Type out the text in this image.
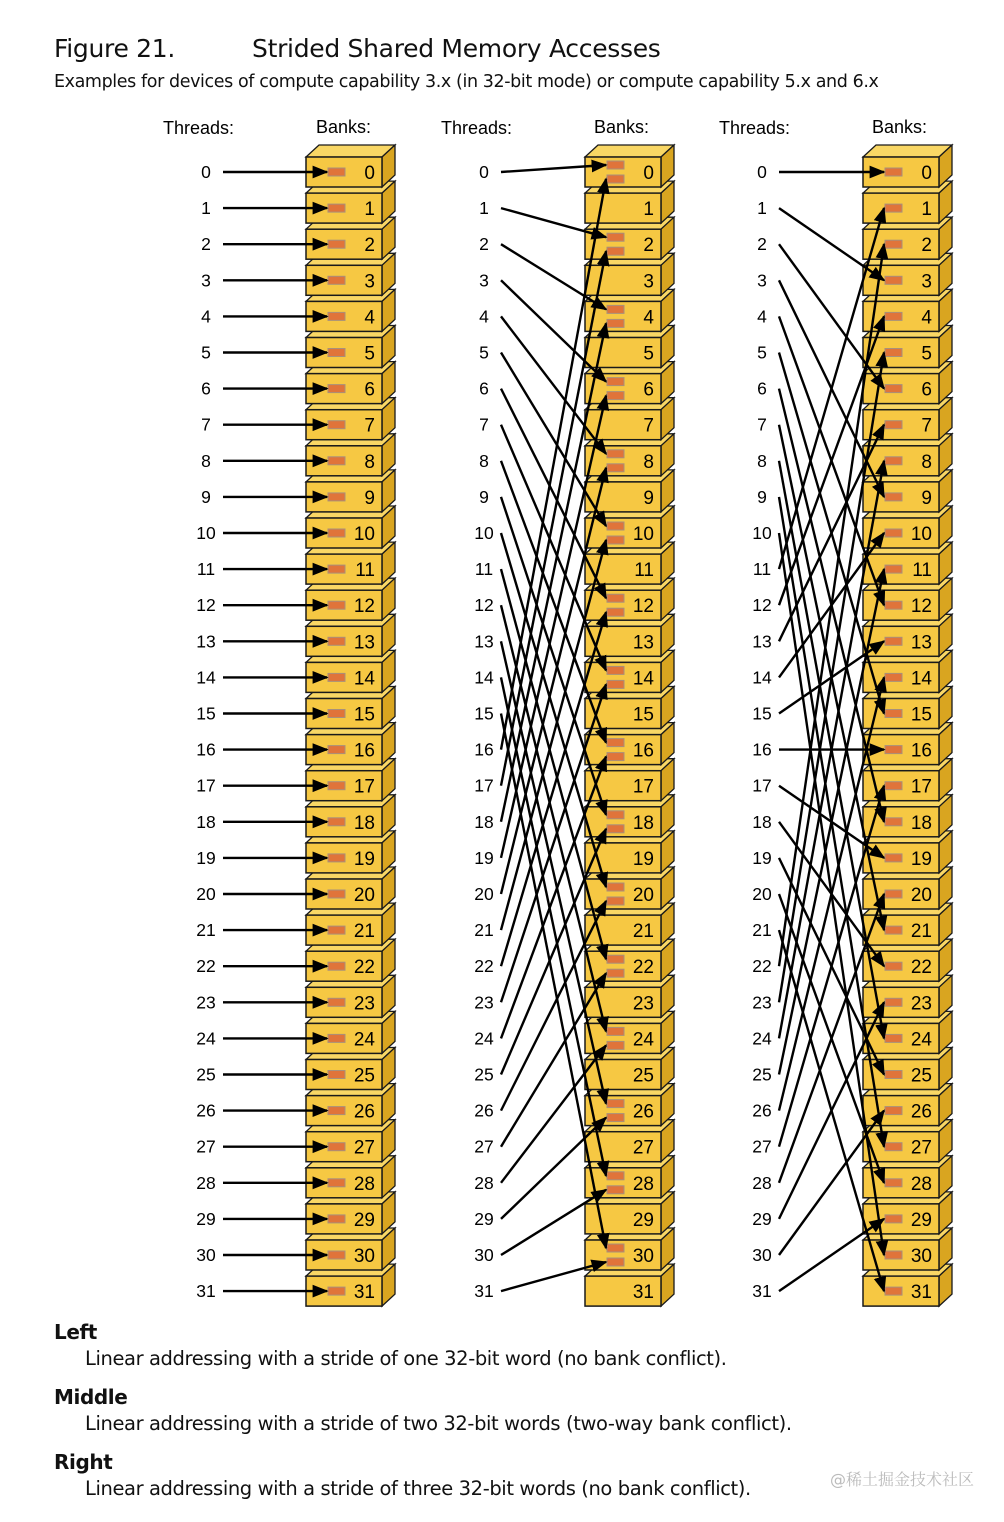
Figure 21.	Strided Shared Memory Accesses
Examples for devices of compute capability 3.x (in 32-bit mode) or compute capability 5.x and 6.x
Threads:	Banks:
31
30
29
28
27
26
25
24
23
22
21
20
19
18
17
16
15
14
13
12
11
10
9
8
7
6
5
4
3
2
1
0
0
1
2
3
4
5
6
7
8
9
10
11
12
13
14
15
16
17
18
19
20
21
22
23
24
25
26
27
28
29
30
31
Threads:	Banks:
31
30
29
28
27
26
25
24
23
22
21
20
19
18
17
16
15
14
13
12
11
10
9
8
7
6
5
4
3
2
1
0
0
1
2
3
4
5
6
7
8
9
10
11
12
13
14
15
16
17
18
19
20
21
22
23
24
25
26
27
28
29
30
31
Threads:	Banks:
31
30
29
28
27
26
25
24
23
22
21
20
19
18
17
16
15
14
13
12
11
10
9
8
7
6
5
4
3
2
1
0
0
1
2
3
4
5
6
7
8
9
10
11
12
13
14
15
16
17
18
19
20
21
22
23
24
25
26
27
28
29
30
31
Left
Linear addressing with a stride of one 32-bit word (no bank conflict).
Middle
Linear addressing with a stride of two 32-bit words (two-way bank conflict).
Right
Linear addressing with a stride of three 32-bit words (no bank conflict).	@稀土掘金技术社区
